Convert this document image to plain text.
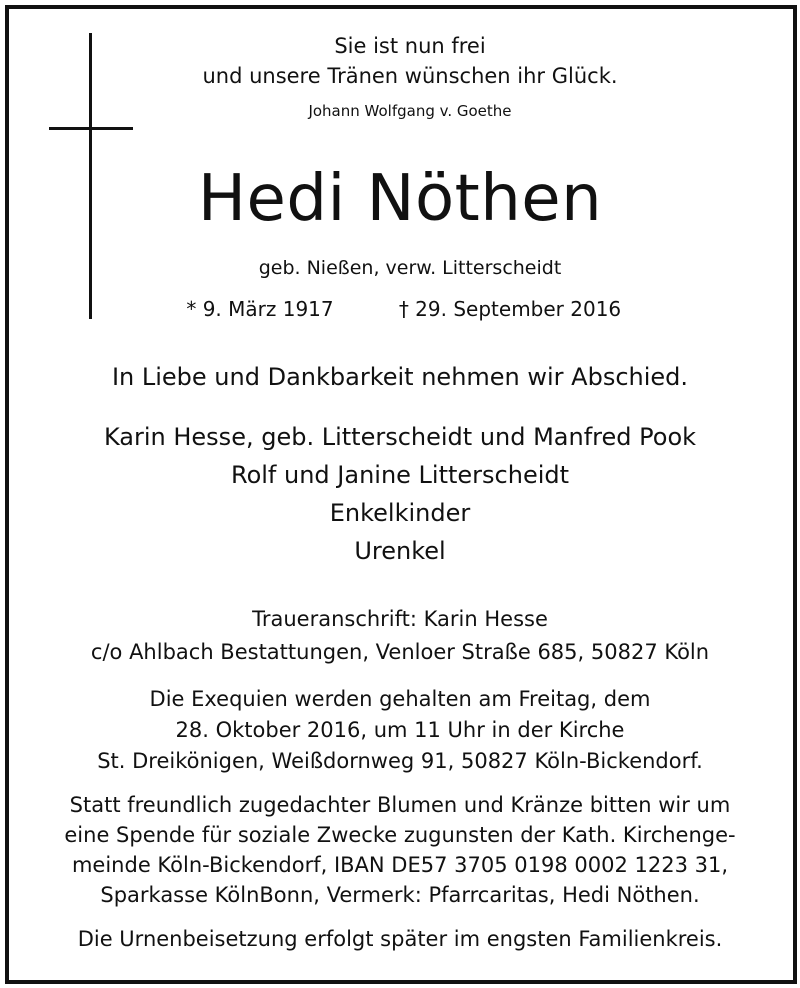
Sie ist nun frei
und unsere Tränen wünschen ihr Glück.
Johann Wolfgang v. Goethe
Hedi Nöthen
geb. Nießen, verw. Litterscheidt
* 9. März 1917	† 29. September 2016
In Liebe und Dankbarkeit nehmen wir Abschied.
Karin Hesse, geb. Litterscheidt und Manfred Pook
Rolf und Janine Litterscheidt
Enkelkinder
Urenkel
Traueranschrift: Karin Hesse
c/o Ahlbach Bestattungen, Venloer Straße 685, 50827 Köln
Die Exequien werden gehalten am Freitag, dem
28. Oktober 2016, um 11 Uhr in der Kirche
St. Dreikönigen, Weißdornweg 91, 50827 Köln-Bickendorf.
Statt freundlich zugedachter Blumen und Kränze bitten wir um
eine Spende für soziale Zwecke zugunsten der Kath. Kirchenge-
meinde Köln-Bickendorf, IBAN DE57 3705 0198 0002 1223 31,
Sparkasse KölnBonn, Vermerk: Pfarrcaritas, Hedi Nöthen.
Die Urnenbeisetzung erfolgt später im engsten Familienkreis.
